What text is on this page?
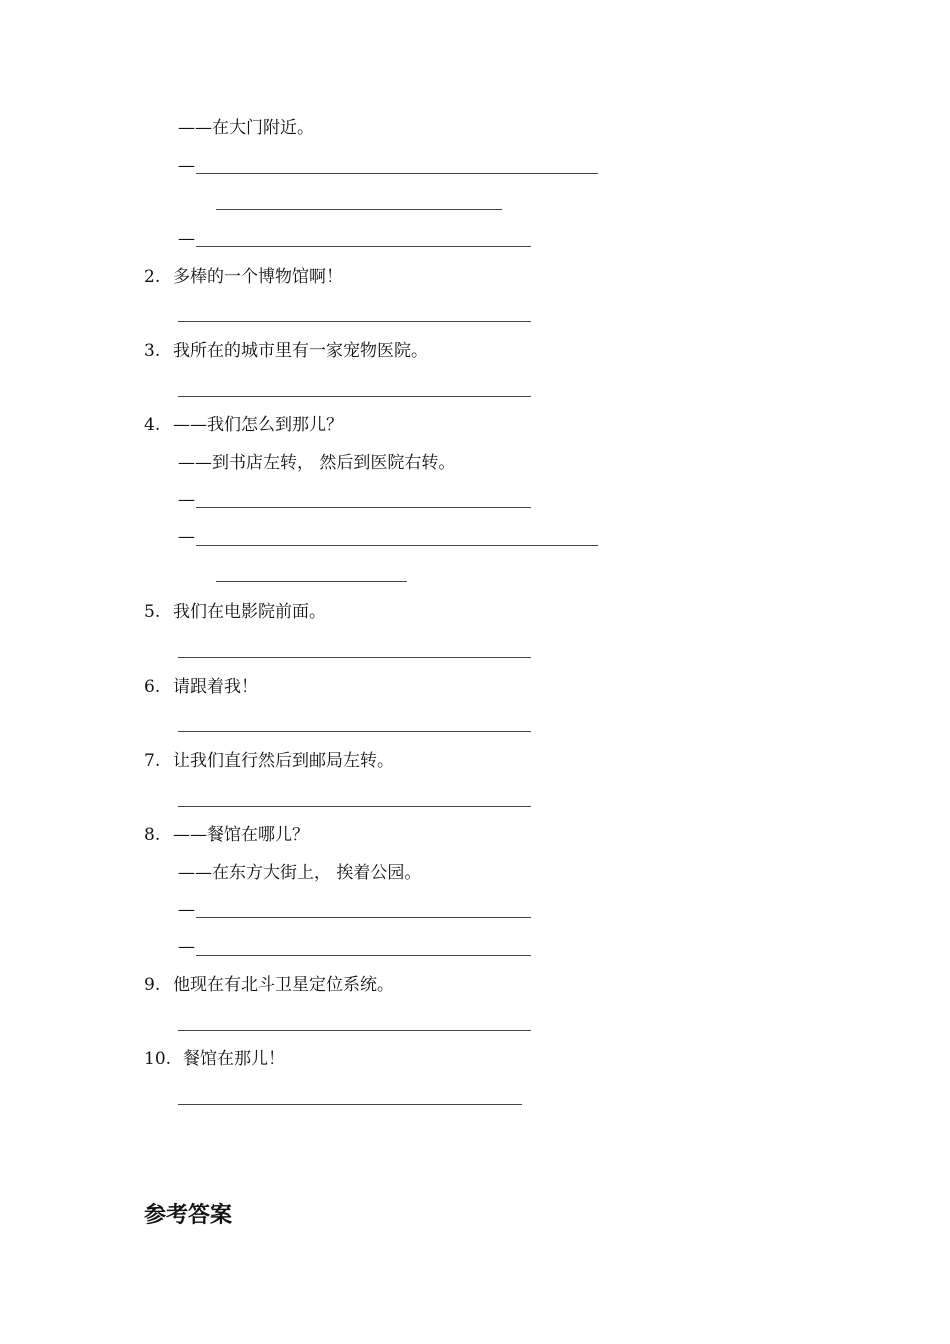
——在大门附近。
—
—
2. 多棒的一个博物馆啊！
3. 我所在的城市里有一家宠物医院。
4. ——我们怎么到那儿？
——到书店左转， 然后到医院右转。
—
—
5. 我们在电影院前面。
6. 请跟着我！
7. 让我们直行然后到邮局左转。
8. ——餐馆在哪儿？
——在东方大街上， 挨着公园。
—
—
9. 他现在有北斗卫星定位系统。
10. 餐馆在那儿！
参考答案
